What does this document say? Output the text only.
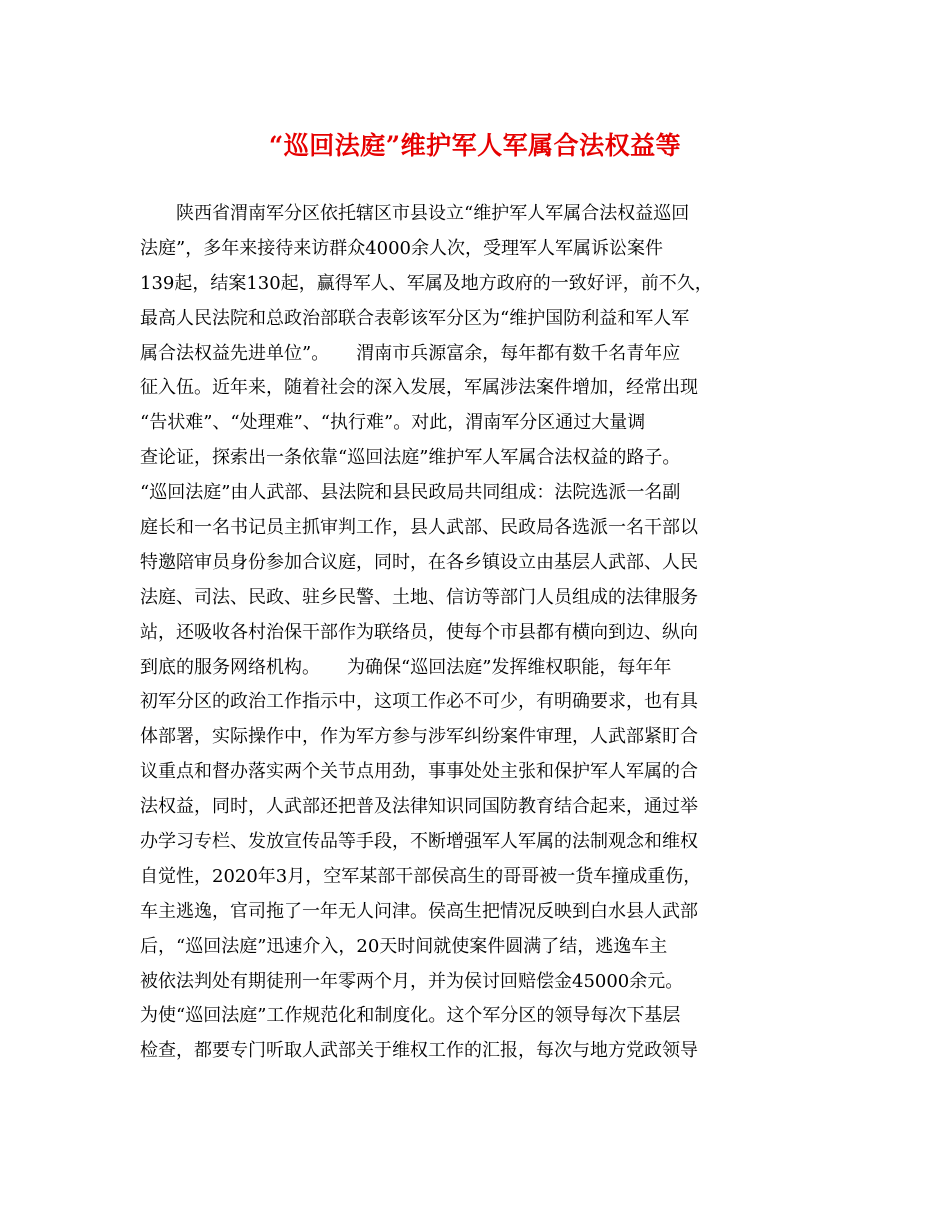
“巡回法庭”维护军人军属合法权益等
　　陕西省渭南军分区依托辖区市县设立“维护军人军属合法权益巡回
法庭”，多年来接待来访群众4000余人次，受理军人军属诉讼案件
139起，结案130起，赢得军人、军属及地方政府的一致好评，前不久，
最高人民法院和总政治部联合表彰该军分区为“维护国防利益和军人军
属合法权益先进单位”。　　渭南市兵源富余，每年都有数千名青年应
征入伍。近年来，随着社会的深入发展，军属涉法案件增加，经常出现
“告状难”、“处理难”、“执行难”。对此，渭南军分区通过大量调
查论证，探索出一条依靠“巡回法庭”维护军人军属合法权益的路子。
“巡回法庭”由人武部、县法院和县民政局共同组成：法院选派一名副
庭长和一名书记员主抓审判工作，县人武部、民政局各选派一名干部以
特邀陪审员身份参加合议庭，同时，在各乡镇设立由基层人武部、人民
法庭、司法、民政、驻乡民警、土地、信访等部门人员组成的法律服务
站，还吸收各村治保干部作为联络员，使每个市县都有横向到边、纵向
到底的服务网络机构。　　为确保“巡回法庭”发挥维权职能，每年年
初军分区的政治工作指示中，这项工作必不可少，有明确要求，也有具
体部署，实际操作中，作为军方参与涉军纠纷案件审理，人武部紧盯合
议重点和督办落实两个关节点用劲，事事处处主张和保护军人军属的合
法权益，同时，人武部还把普及法律知识同国防教育结合起来，通过举
办学习专栏、发放宣传品等手段，不断增强军人军属的法制观念和维权
自觉性，2020年3月，空军某部干部侯高生的哥哥被一货车撞成重伤，
车主逃逸，官司拖了一年无人问津。侯高生把情况反映到白水县人武部
后，“巡回法庭”迅速介入，20天时间就使案件圆满了结，逃逸车主
被依法判处有期徒刑一年零两个月，并为侯讨回赔偿金45000余元。
为使“巡回法庭”工作规范化和制度化。这个军分区的领导每次下基层
检查，都要专门听取人武部关于维权工作的汇报，每次与地方党政领导
